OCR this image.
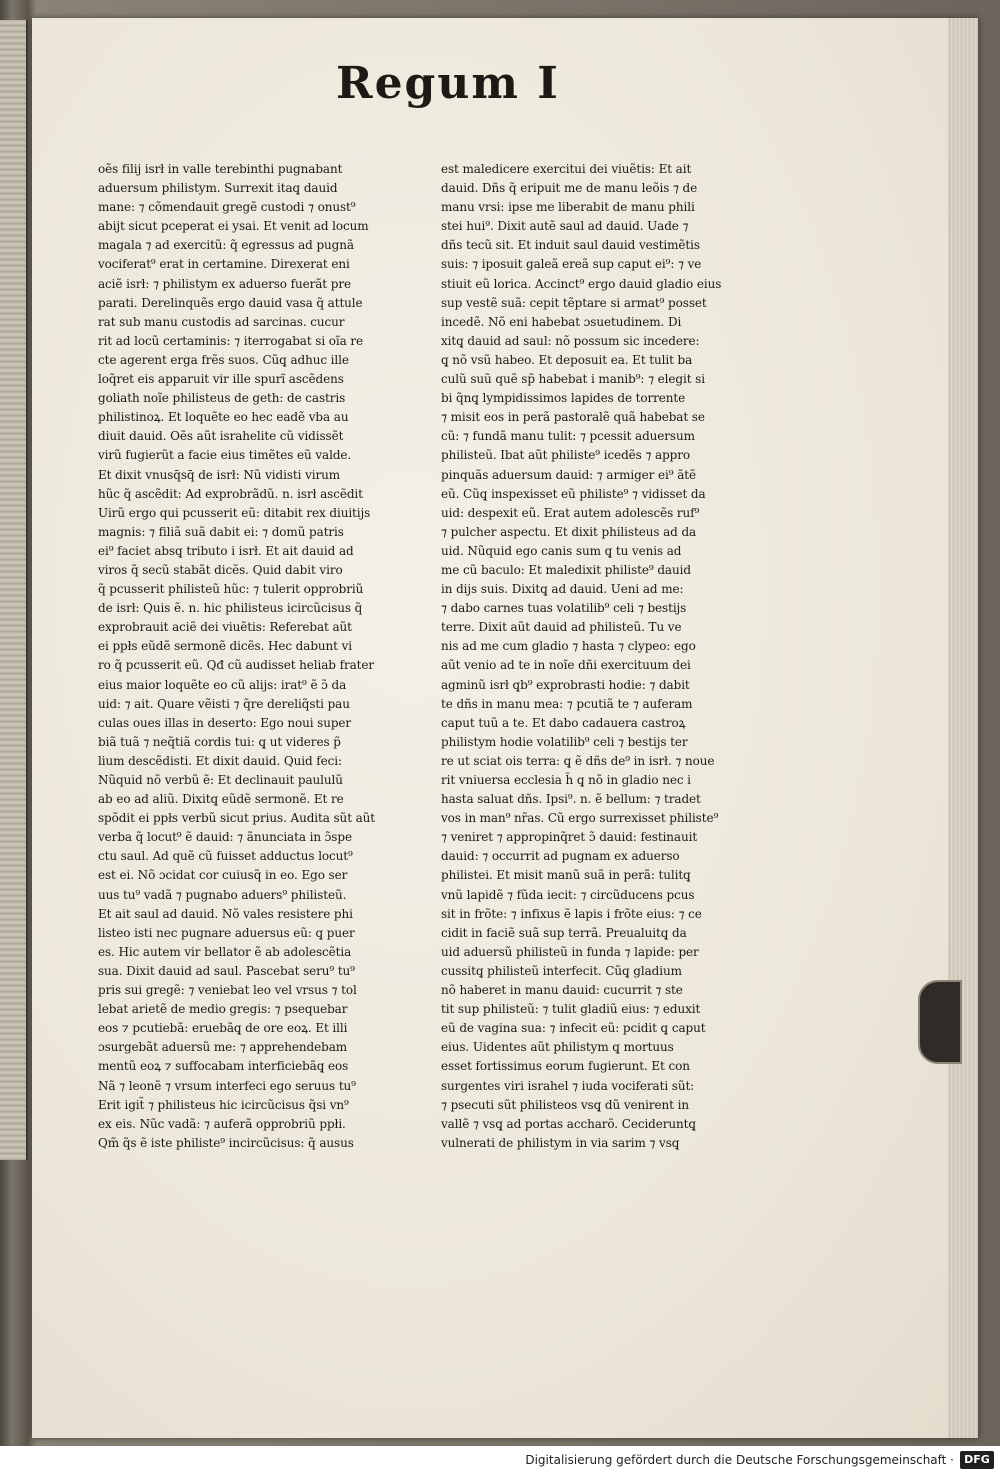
Regum I
oẽs filij isrł in valle terebinthi pugnabant
aduersum philistym. Surrexit itaq̧ dauid
mane: ⁊ cõmendauit gregẽ custodi ⁊ onust⁹
abijt sicut pceperat ei ysai. Et venit ad locum
magala ⁊ ad exercitũ: q̃ egressus ad pugnã
vociferat⁹ erat in certamine. Direxerat eni
aciẽ isrł: ⁊ philistym ex aduerso fuerãt pre
parati. Derelinquẽs ergo dauid vasa q̃ attule
rat sub manu custodis ad sarcinas. cucur
rit ad locũ certaminis: ⁊ iterrogabat si oĩa re
cte agerent erga frẽs suos. Cũq̧ adhuc ille
loq̃ret eis apparuit vir ille spurĩ ascẽdens
goliath noĩe philisteus de geth: de castris
philistinoꝝ. Et loquẽte eo hec eadẽ vba au
diuit dauid. Oẽs aũt israhelite cũ vidissẽt
virũ fugierũt a facie eius timẽtes eũ valde.
Et dixit vnusq̄sq̄ de isrł: Nũ vidisti virum
hũc q̃ ascẽdit: Ad exprobrãdũ. n. isrł ascẽdit
Uirũ ergo qui pcusserit eũ: ditabit rex diuitijs
magnis: ⁊ filiã suã dabit ei: ⁊ domũ patris
ei⁹ faciet absq̧ tributo i isrł. Et ait dauid ad
viros q̃ secũ stabãt dicẽs. Quid dabit viro
q̃ pcusserit philisteũ hũc: ⁊ tulerit opprobriũ
de isrł: Quis ẽ. n. hic philisteus icircũcisus q̃
exprobrauit aciẽ dei viuẽtis: Referebat aũt
ei ppłs eũdẽ sermonẽ dicẽs. Hec dabunt vi
ro q̃ pcusserit eũ. Qđ cũ audisset heliab frater
eius maior loquẽte eo cũ alijs: irat⁹ ẽ ɔ̃ da
uid: ⁊ ait. Quare vẽisti ⁊ q̃re dereliq̃sti pau
culas oues illas in deserto: Ego noui super
biã tuã ⁊ neq̃tiã cordis tui: q̧ ut videres p̃
lium descẽdisti. Et dixit dauid. Quid feci:
Nũquid nõ verbũ ẽ: Et declinauit paululũ
ab eo ad aliũ. Dixitq̧ eũdẽ sermonẽ. Et re
spõdit ei ppłs verbũ sicut prius. Audita sũt aũt
verba q̃ locut⁹ ẽ dauid: ⁊ ãnunciata in ɔ̃spe
ctu saul. Ad quẽ cũ fuisset adductus locut⁹
est ei. Nõ ɔcidat cor cuiusq̃ in eo. Ego ser
uus tu⁹ vadã ⁊ pugnabo aduers⁹ philisteũ.
Et ait saul ad dauid. Nõ vales resistere phi
listeo isti nec pugnare aduersus eũ: q̧ puer
es. Hic autem vir bellator ẽ ab adolescẽtia
sua. Dixit dauid ad saul. Pascebat seru⁹ tu⁹
pris sui gregẽ: ⁊ veniebat leo vel vrsus ⁊ tol
lebat arietẽ de medio gregis: ⁊ psequebar
eos ⁊ pcutiebã: eruebãq̧ de ore eoꝝ. Et illi
ɔsurgebãt aduersũ me: ⁊ apprehendebam
mentũ eoꝝ ⁊ suffocabam interficiebãq̧ eos
Nã ⁊ leonẽ ⁊ vrsum interfeci ego seruus tu⁹
Erit igit̃ ⁊ philisteus hic icircũcisus q̃si vn⁹
ex eis. Nũc vadã: ⁊ auferã opprobriũ ppłi.
Qm̃ q̃s ẽ iste philiste⁹ incircũcisus: q̃ ausus
est maledicere exercitui dei viuẽtis: Et ait
dauid. Dñs q̃ eripuit me de manu leõis ⁊ de
manu vrsi: ipse me liberabit de manu phili
stei hui⁹. Dixit autẽ saul ad dauid. Uade ⁊
dñs tecũ sit. Et induit saul dauid vestimẽtis
suis: ⁊ iposuit galeã ereã sup caput ei⁹: ⁊ ve
stiuit eũ lorica. Accinct⁹ ergo dauid gladio eius
sup vestẽ suã: cepit tẽptare si armat⁹ posset
incedẽ. Nõ eni habebat ɔsuetudinem. Di
xitq̧ dauid ad saul: nõ possum sic incedere:
q̧ nõ vsũ habeo. Et deposuit ea. Et tulit ba
culũ suũ quẽ sp̃ habebat i manib⁹: ⁊ elegit si
bi q̃nq̧ lympidissimos lapides de torrente
⁊ misit eos in perã pastoralẽ quã habebat se
cũ: ⁊ fundã manu tulit: ⁊ pcessit aduersum
philisteũ. Ibat aũt philiste⁹ icedẽs ⁊ appro
pinquãs aduersum dauid: ⁊ armiger ei⁹ ãtẽ
eũ. Cũq̧ inspexisset eũ philiste⁹ ⁊ vidisset da
uid: despexit eũ. Erat autem adolescẽs ruf⁹
⁊ pulcher aspectu. Et dixit philisteus ad da
uid. Nũquid ego canis sum q̧ tu venis ad
me cũ baculo: Et maledixit philiste⁹ dauid
in dijs suis. Dixitq̧ ad dauid. Ueni ad me:
⁊ dabo carnes tuas volatilib⁹ celi ⁊ bestijs
terre. Dixit aũt dauid ad philisteũ. Tu ve
nis ad me cum gladio ⁊ hasta ⁊ clypeo: ego
aũt venio ad te in noĩe dñi exercituum dei
agminũ isrł q̧b⁹ exprobrasti hodie: ⁊ dabit
te dñs in manu mea: ⁊ pcutiã te ⁊ auferam
caput tuũ a te. Et dabo cadauera castroꝝ
philistym hodie volatilib⁹ celi ⁊ bestijs ter
re ut sciat ois terra: q̧ ẽ dñs de⁹ in isrł. ⁊ noue
rit vniuersa ecclesia h̃ q̧ nõ in gladio nec i
hasta saluat dñs. Ipsi⁹. n. ẽ bellum: ⁊ tradet
vos in man⁹ nr̃as. Cũ ergo surrexisset philiste⁹
⁊ veniret ⁊ appropinq̃ret ɔ̃ dauid: festinauit
dauid: ⁊ occurrit ad pugnam ex aduerso
philistei. Et misit manũ suã in perã: tulitq̧
vnũ lapidẽ ⁊ fũda iecit: ⁊ circũducens pcus
sit in frõte: ⁊ infixus ẽ lapis i frõte eius: ⁊ ce
cidit in faciẽ suã sup terrã. Preualuitq̧ da
uid aduersũ philisteũ in funda ⁊ lapide: per
cussitq̧ philisteũ interfecit. Cũq̧ gladium
nõ haberet in manu dauid: cucurrit ⁊ ste
tit sup philisteũ: ⁊ tulit gladiũ eius: ⁊ eduxit
eũ de vagina sua: ⁊ infecit eũ: pcidit q̧ caput
eius. Uidentes aũt philistym q̧ mortuus
esset fortissimus eorum fugierunt. Et con
surgentes viri israhel ⁊ iuda vociferati sũt:
⁊ psecuti sũt philisteos vsq̧ dũ venirent in
vallẽ ⁊ vsq̧ ad portas accharõ. Cecideruntq̧
vulnerati de philistym in via sarim ⁊ vsq̧
Digitalisierung gefördert durch die Deutsche Forschungsgemeinschaft · DFG
